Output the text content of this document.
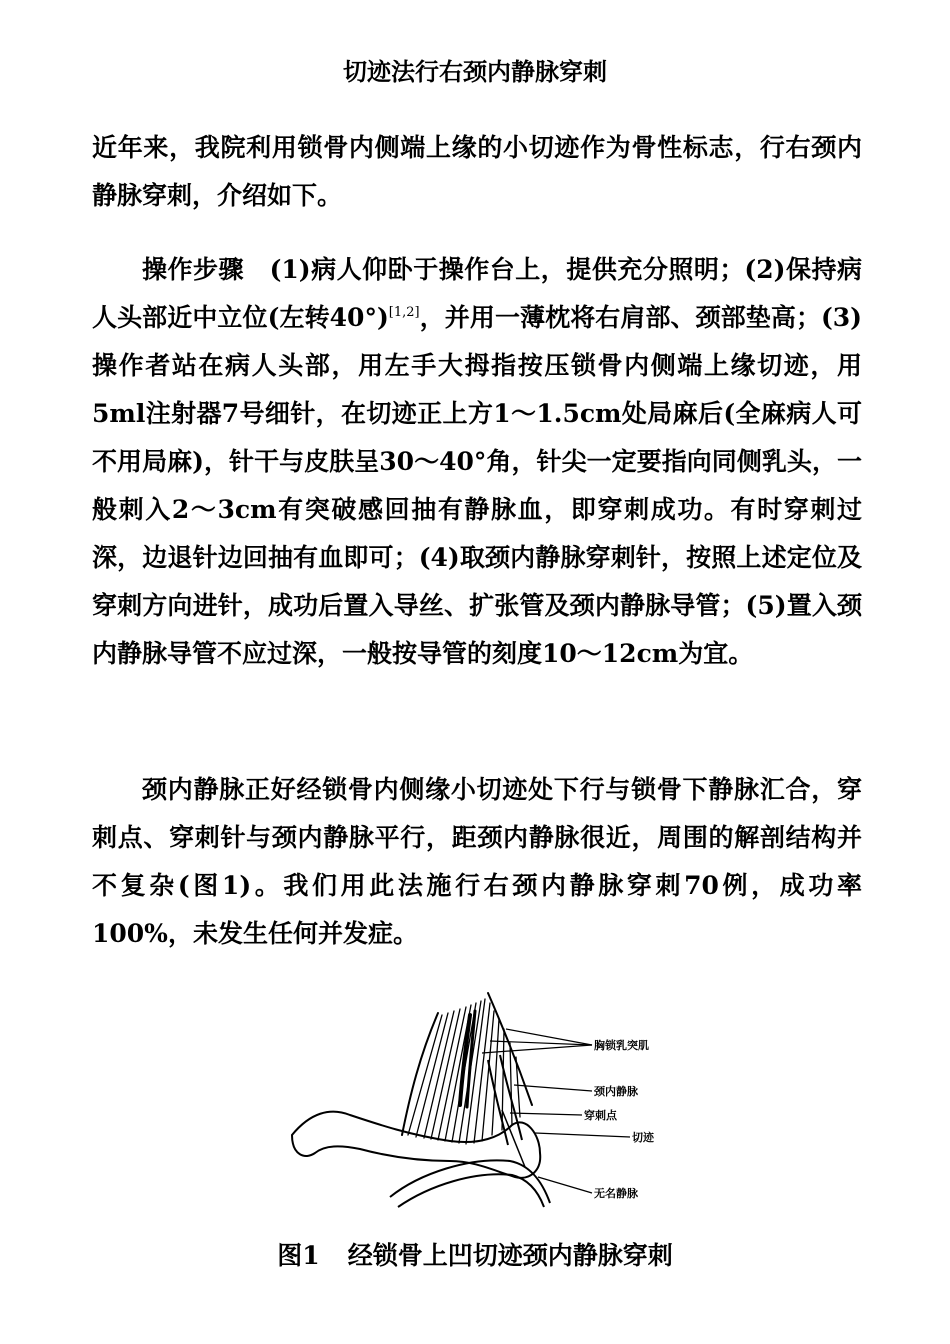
切迹法行右颈内静脉穿刺

近年来，我院利用锁骨内侧端上缘的小切迹作为骨性标志，行右颈内静脉穿刺，介绍如下。

操作步骤　(1)病人仰卧于操作台上，提供充分照明；(2)保持病人头部近中立位(左转40°)[1,2]，并用一薄枕将右肩部、颈部垫高；(3)操作者站在病人头部，用左手大拇指按压锁骨内侧端上缘切迹，用5ml注射器7号细针，在切迹正上方1～1.5cm处局麻后(全麻病人可不用局麻)，针干与皮肤呈30～40°角，针尖一定要指向同侧乳头，一般刺入2～3cm有突破感回抽有静脉血，即穿刺成功。有时穿刺过深，边退针边回抽有血即可；(4)取颈内静脉穿刺针，按照上述定位及穿刺方向进针，成功后置入导丝、扩张管及颈内静脉导管；(5)置入颈内静脉导管不应过深，一般按导管的刻度10～12cm为宜。

颈内静脉正好经锁骨内侧缘小切迹处下行与锁骨下静脉汇合，穿刺点、穿刺针与颈内静脉平行，距颈内静脉很近，周围的解剖结构并不复杂(图1)。我们用此法施行右颈内静脉穿刺70例，成功率100%，未发生任何并发症。

胸锁乳突肌
颈内静脉
穿刺点
切迹
无名静脉
图1 经锁骨上凹切迹颈内静脉穿刺
